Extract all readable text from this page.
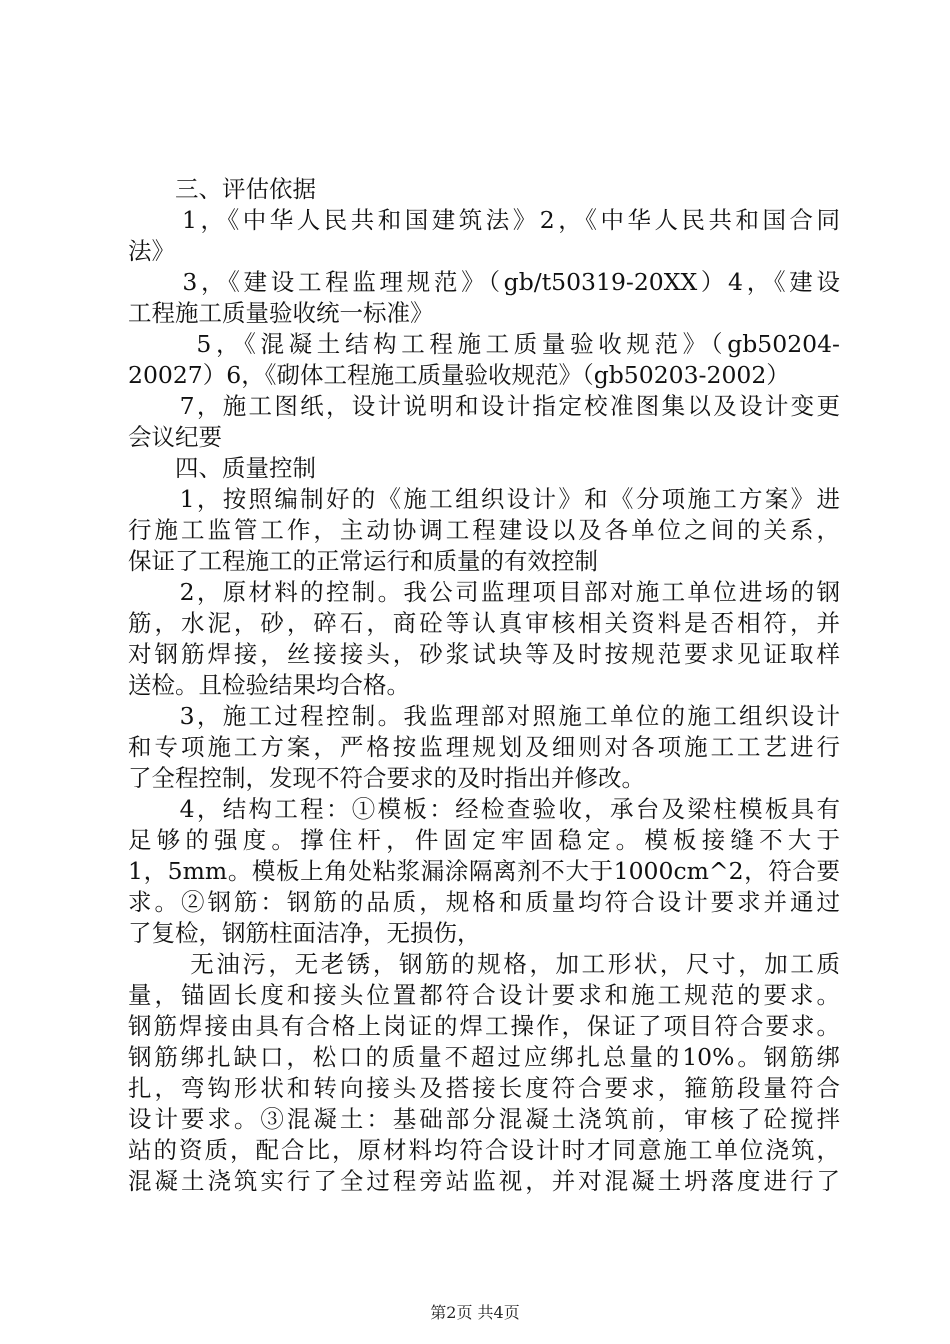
　　三、评估依据
　　1，《中华人民共和国建筑法》2，《中华人民共和国合同
法》
　　3，《建设工程监理规范》（gb/t50319-20XX）4，《建设
工程施工质量验收统一标准》
　　 5，《混凝土结构工程施工质量验收规范》（gb50204-
20027）6，《砌体工程施工质量验收规范》（gb50203-2002）
　　7，施工图纸，设计说明和设计指定校准图集以及设计变更
会议纪要
　　四、质量控制
　　1，按照编制好的《施工组织设计》和《分项施工方案》进
行施工监管工作，主动协调工程建设以及各单位之间的关系，
保证了工程施工的正常运行和质量的有效控制
　　2，原材料的控制。我公司监理项目部对施工单位进场的钢
筋，水泥，砂，碎石，商砼等认真审核相关资料是否相符，并
对钢筋焊接，丝接接头，砂浆试块等及时按规范要求见证取样
送检。且检验结果均合格。
　　3，施工过程控制。我监理部对照施工单位的施工组织设计
和专项施工方案，严格按监理规划及细则对各项施工工艺进行
了全程控制，发现不符合要求的及时指出并修改。
　　4，结构工程：①模板：经检查验收，承台及梁柱模板具有
足够的强度。撑住杆，件固定牢固稳定。模板接缝不大于
1，5mm。模板上角处粘浆漏涂隔离剂不大于1000cm^2，符合要
求。②钢筋：钢筋的品质，规格和质量均符合设计要求并通过
了复检，钢筋柱面洁净，无损伤，
　　 无油污，无老锈，钢筋的规格，加工形状，尺寸，加工质
量，锚固长度和接头位置都符合设计要求和施工规范的要求。
钢筋焊接由具有合格上岗证的焊工操作，保证了项目符合要求。
钢筋绑扎缺口，松口的质量不超过应绑扎总量的10%。钢筋绑
扎，弯钩形状和转向接头及搭接长度符合要求，箍筋段量符合
设计要求。③混凝土：基础部分混凝土浇筑前，审核了砼搅拌
站的资质，配合比，原材料均符合设计时才同意施工单位浇筑，
混凝土浇筑实行了全过程旁站监视，并对混凝土坍落度进行了
第2页 共4页
